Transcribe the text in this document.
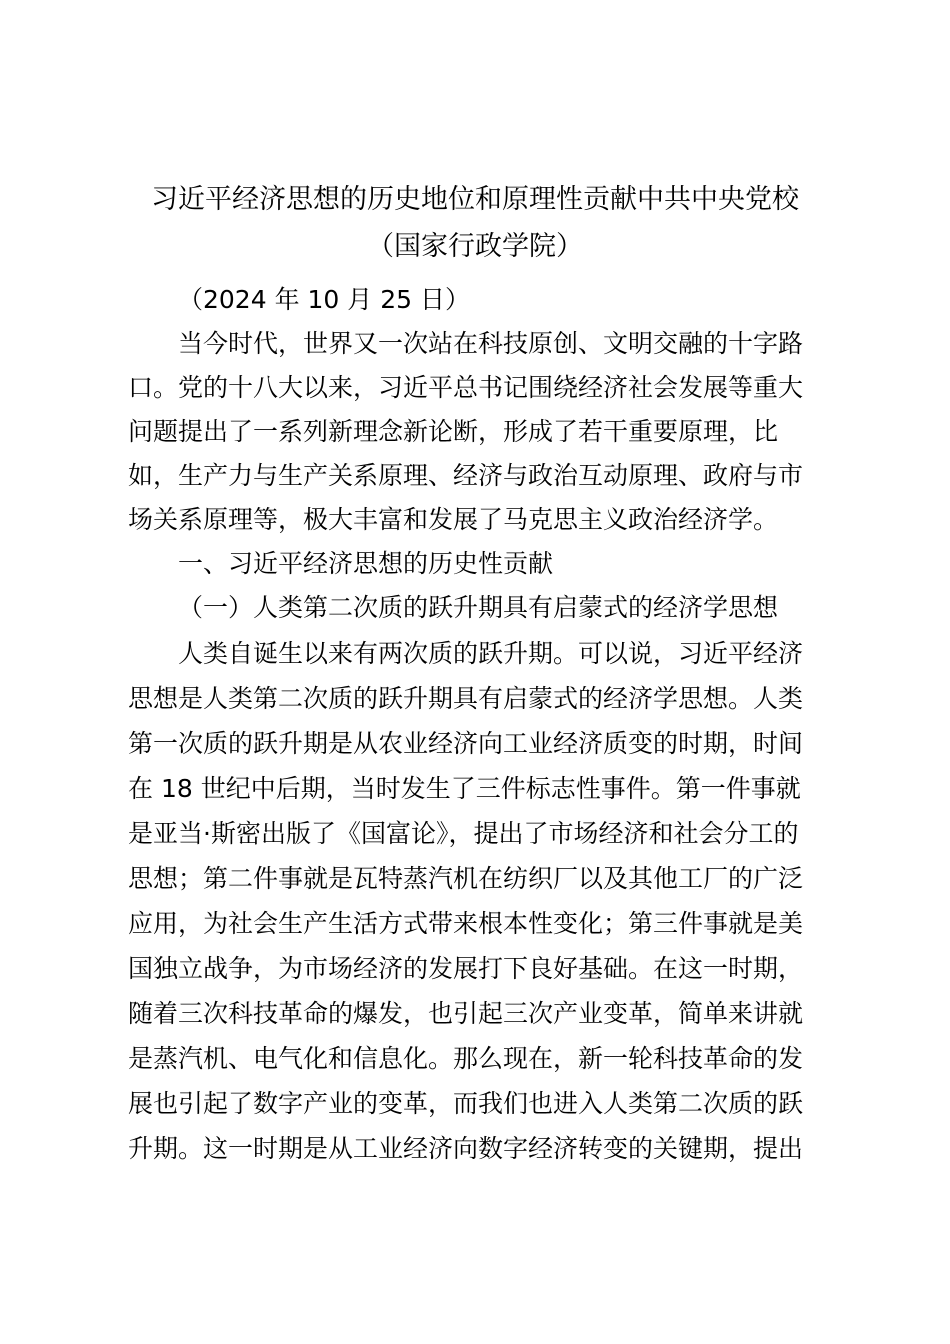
习近平经济思想的历史地位和原理性贡献中共中央党校
（国家行政学院）
（2024 年 10 月 25 日）
当今时代，世界又一次站在科技原创、文明交融的十字路
口。党的十八大以来，习近平总书记围绕经济社会发展等重大
问题提出了一系列新理念新论断，形成了若干重要原理，比
如，生产力与生产关系原理、经济与政治互动原理、政府与市
场关系原理等，极大丰富和发展了马克思主义政治经济学。
一、习近平经济思想的历史性贡献
（一）人类第二次质的跃升期具有启蒙式的经济学思想
人类自诞生以来有两次质的跃升期。可以说，习近平经济
思想是人类第二次质的跃升期具有启蒙式的经济学思想。人类
第一次质的跃升期是从农业经济向工业经济质变的时期，时间
在 18 世纪中后期，当时发生了三件标志性事件。第一件事就
是亚当·斯密出版了《国富论》，提出了市场经济和社会分工的
思想；第二件事就是瓦特蒸汽机在纺织厂以及其他工厂的广泛
应用，为社会生产生活方式带来根本性变化；第三件事就是美
国独立战争，为市场经济的发展打下良好基础。在这一时期，
随着三次科技革命的爆发，也引起三次产业变革，简单来讲就
是蒸汽机、电气化和信息化。那么现在，新一轮科技革命的发
展也引起了数字产业的变革，而我们也进入人类第二次质的跃
升期。这一时期是从工业经济向数字经济转变的关键期，提出
